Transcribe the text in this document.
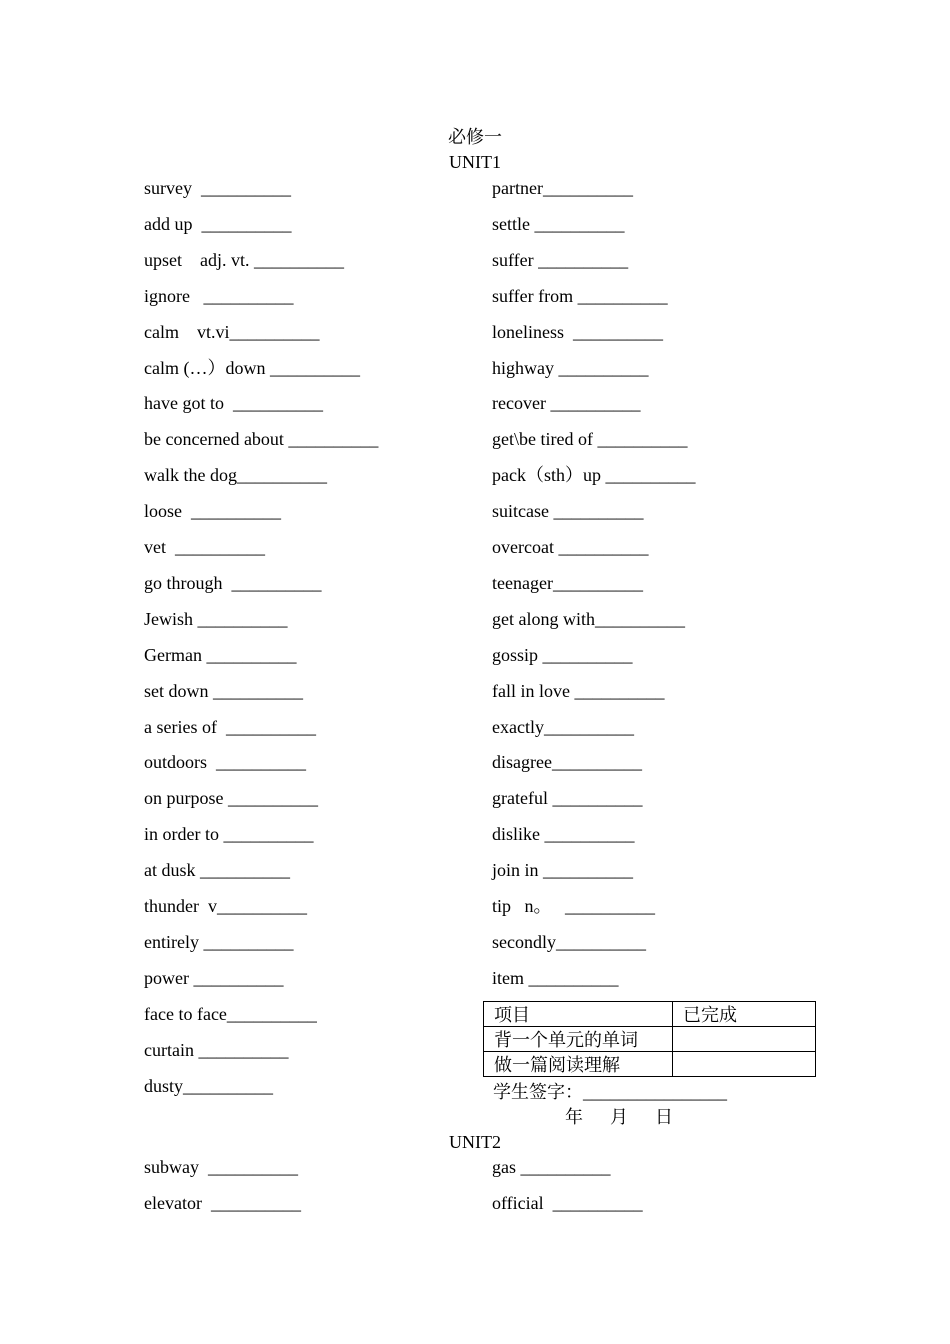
必修一
UNIT1
survey  __________
add up  __________
upset    adj. vt. __________
ignore   __________
calm    vt.vi__________
calm (…）down __________
have got to  __________
be concerned about __________
walk the dog__________
loose  __________
vet  __________
go through  __________
Jewish __________
German __________
set down __________
a series of  __________
outdoors  __________
on purpose __________
in order to __________
at dusk __________
thunder  v__________
entirely __________
power __________
face to face__________
curtain __________
dusty__________
partner__________
settle __________
suffer __________
suffer from __________
loneliness  __________
highway __________
recover __________
get\be tired of __________
pack（sth）up __________
suitcase __________
overcoat __________
teenager__________
get along with__________
gossip __________
fall in love __________
exactly__________
disagree__________
grateful __________
dislike __________
join in __________
tip   n。   __________
secondly__________
item __________
项目	已完成
背一个单元的单词	
做一篇阅读理解	
学生签字：________________
年      月      日
UNIT2
subway  __________
elevator  __________
gas __________
official  __________
